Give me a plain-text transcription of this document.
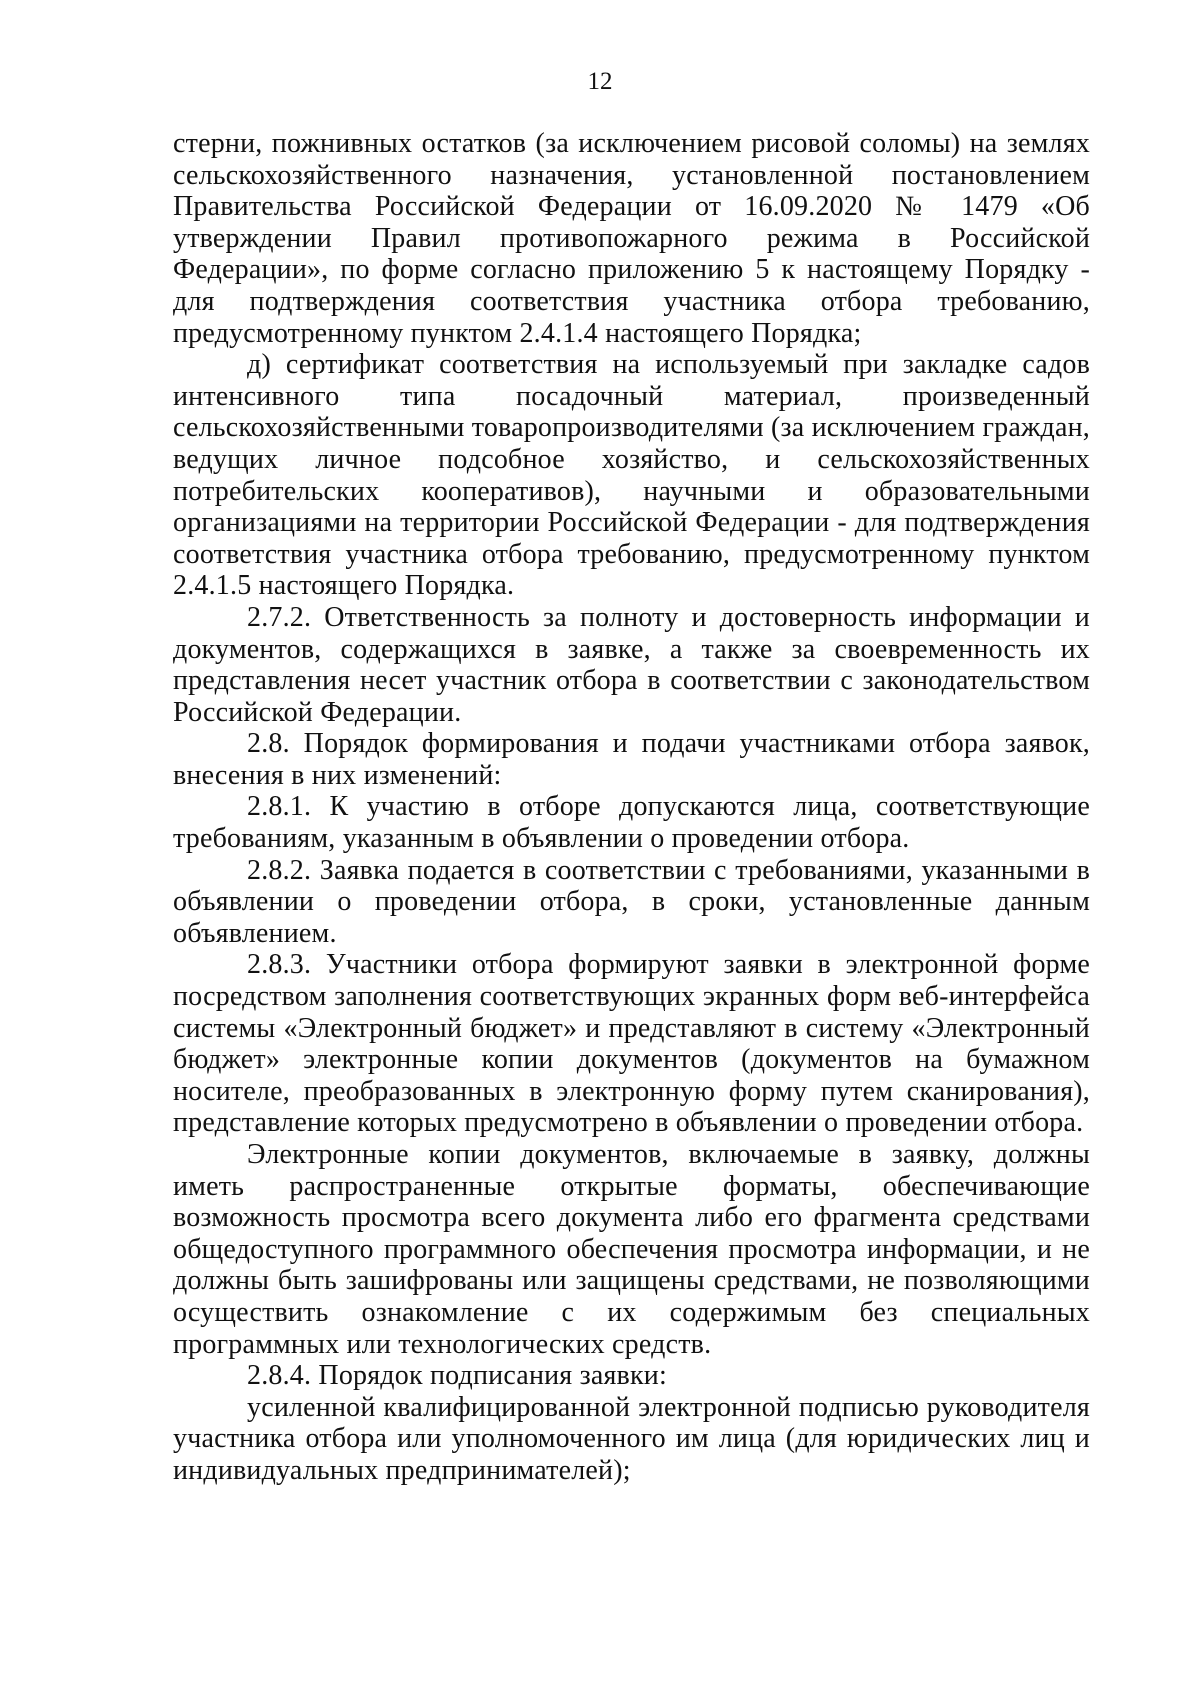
12

стерни, пожнивных остатков (за исключением рисовой соломы) на землях сельскохозяйственного назначения, установленной постановлением Правительства Российской Федерации от 16.09.2020 № 1479 «Об утверждении Правил противопожарного режима в Российской Федерации», по форме согласно приложению 5 к настоящему Порядку - для подтверждения соответствия участника отбора требованию, предусмотренному пунктом 2.4.1.4 настоящего Порядка;

д) сертификат соответствия на используемый при закладке садов интенсивного типа посадочный материал, произведенный сельскохозяйственными товаропроизводителями (за исключением граждан, ведущих личное подсобное хозяйство, и сельскохозяйственных потребительских кооперативов), научными и образовательными организациями на территории Российской Федерации - для подтверждения соответствия участника отбора требованию, предусмотренному пунктом 2.4.1.5 настоящего Порядка.

2.7.2. Ответственность за полноту и достоверность информации и документов, содержащихся в заявке, а также за своевременность их представления несет участник отбора в соответствии с законодательством Российской Федерации.

2.8. Порядок формирования и подачи участниками отбора заявок, внесения в них изменений:

2.8.1. К участию в отборе допускаются лица, соответствующие требованиям, указанным в объявлении о проведении отбора.

2.8.2. Заявка подается в соответствии с требованиями, указанными в объявлении о проведении отбора, в сроки, установленные данным объявлением.

2.8.3. Участники отбора формируют заявки в электронной форме посредством заполнения соответствующих экранных форм веб-интерфейса системы «Электронный бюджет» и представляют в систему «Электронный бюджет» электронные копии документов (документов на бумажном носителе, преобразованных в электронную форму путем сканирования), представление которых предусмотрено в объявлении о проведении отбора.

Электронные копии документов, включаемые в заявку, должны иметь распространенные открытые форматы, обеспечивающие возможность просмотра всего документа либо его фрагмента средствами общедоступного программного обеспечения просмотра информации, и не должны быть зашифрованы или защищены средствами, не позволяющими осуществить ознакомление с их содержимым без специальных программных или технологических средств.

2.8.4. Порядок подписания заявки:

усиленной квалифицированной электронной подписью руководителя участника отбора или уполномоченного им лица (для юридических лиц и индивидуальных предпринимателей);
